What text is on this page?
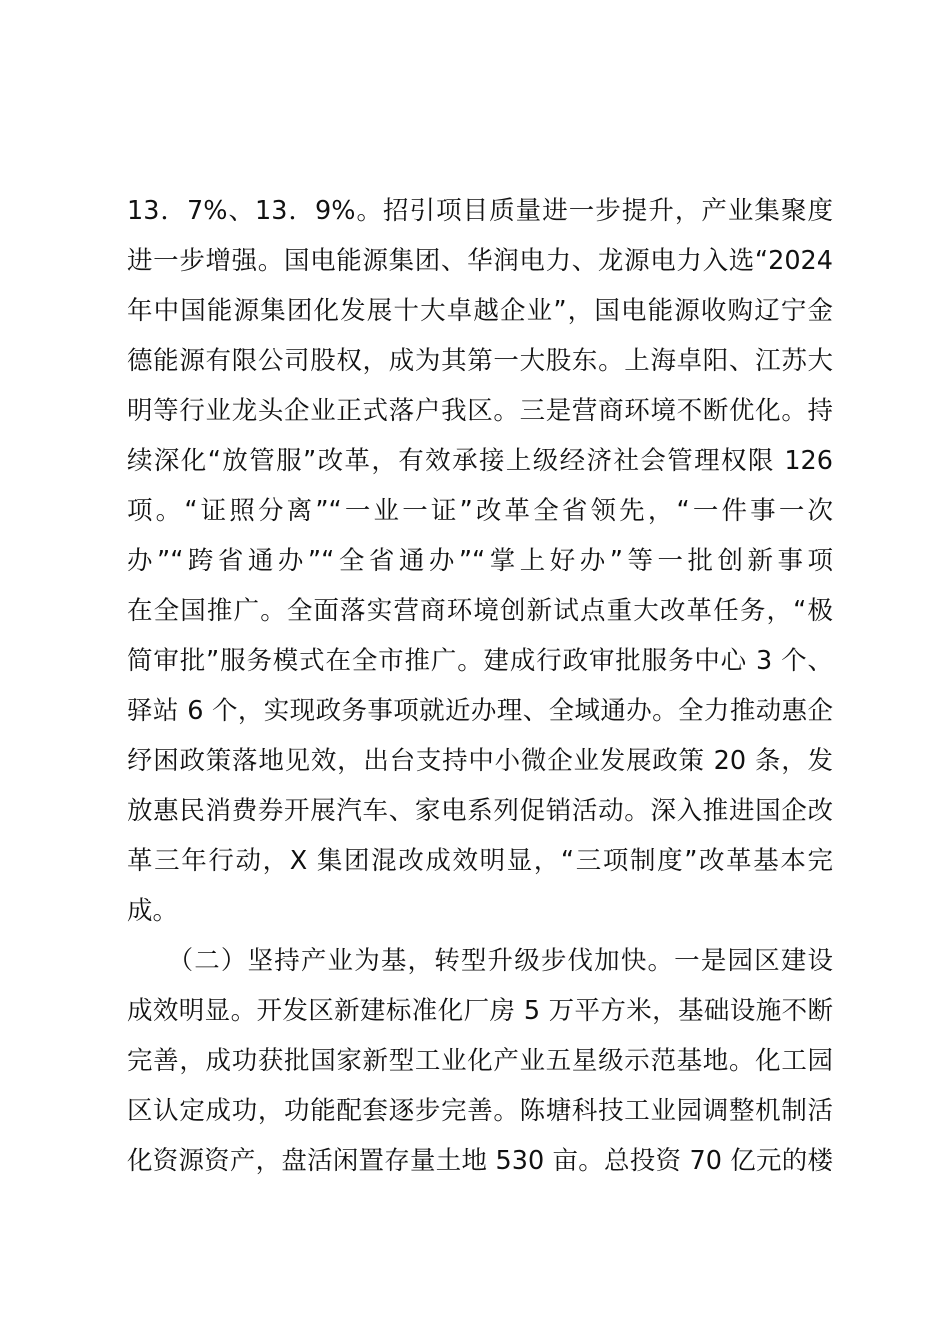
13．7%、13．9%。招引项目质量进一步提升，产业集聚度
进一步增强。国电能源集团、华润电力、龙源电力入选“2024
年中国能源集团化发展十大卓越企业”，国电能源收购辽宁金
德能源有限公司股权，成为其第一大股东。上海卓阳、江苏大
明等行业龙头企业正式落户我区。三是营商环境不断优化。持
续深化“放管服”改革，有效承接上级经济社会管理权限 126
项。“证照分离”“一业一证”改革全省领先，“一件事一次
办”“跨省通办”“全省通办”“掌上好办”等一批创新事项
在全国推广。全面落实营商环境创新试点重大改革任务，“极
简审批”服务模式在全市推广。建成行政审批服务中心 3 个、
驿站 6 个，实现政务事项就近办理、全域通办。全力推动惠企
纾困政策落地见效，出台支持中小微企业发展政策 20 条，发
放惠民消费券开展汽车、家电系列促销活动。深入推进国企改
革三年行动，X 集团混改成效明显，“三项制度”改革基本完
成。
　　（二）坚持产业为基，转型升级步伐加快。一是园区建设
成效明显。开发区新建标准化厂房 5 万平方米，基础设施不断
完善，成功获批国家新型工业化产业五星级示范基地。化工园
区认定成功，功能配套逐步完善。陈塘科技工业园调整机制活
化资源资产，盘活闲置存量土地 530 亩。总投资 70 亿元的楼
